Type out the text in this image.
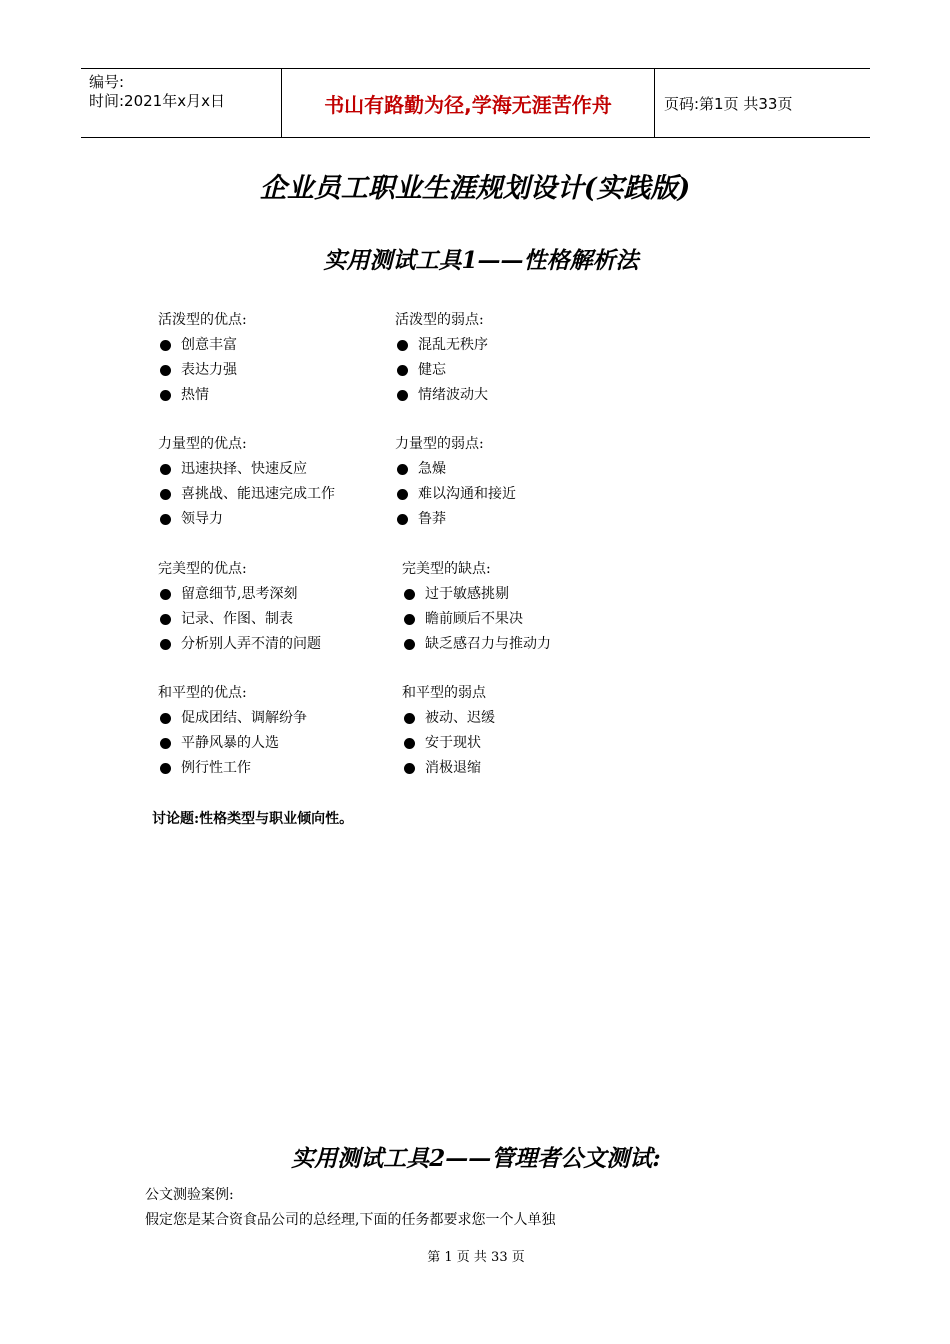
编号:
时间:2021年x月x日	书山有路勤为径,学海无涯苦作舟	页码:第1页 共33页
企业员工职业生涯规划设计(实践版)
实用测试工具1——性格解析法
活泼型的优点:
创意丰富
表达力强
热情
活泼型的弱点:
混乱无秩序
健忘
情绪波动大
力量型的优点:
迅速抉择、快速反应
喜挑战、能迅速完成工作
领导力
力量型的弱点:
急燥
难以沟通和接近
鲁莽
完美型的优点:
留意细节,思考深刻
记录、作图、制表
分析别人弄不清的问题
完美型的缺点:
过于敏感挑剔
瞻前顾后不果决
缺乏感召力与推动力
和平型的优点:
促成团结、调解纷争
平静风暴的人选
例行性工作
和平型的弱点
被动、迟缓
安于现状
消极退缩
讨论题:性格类型与职业倾向性。
实用测试工具2——管理者公文测试:
公文测验案例:
假定您是某合资食品公司的总经理,下面的任务都要求您一个人单独
第 1 页 共 33 页
